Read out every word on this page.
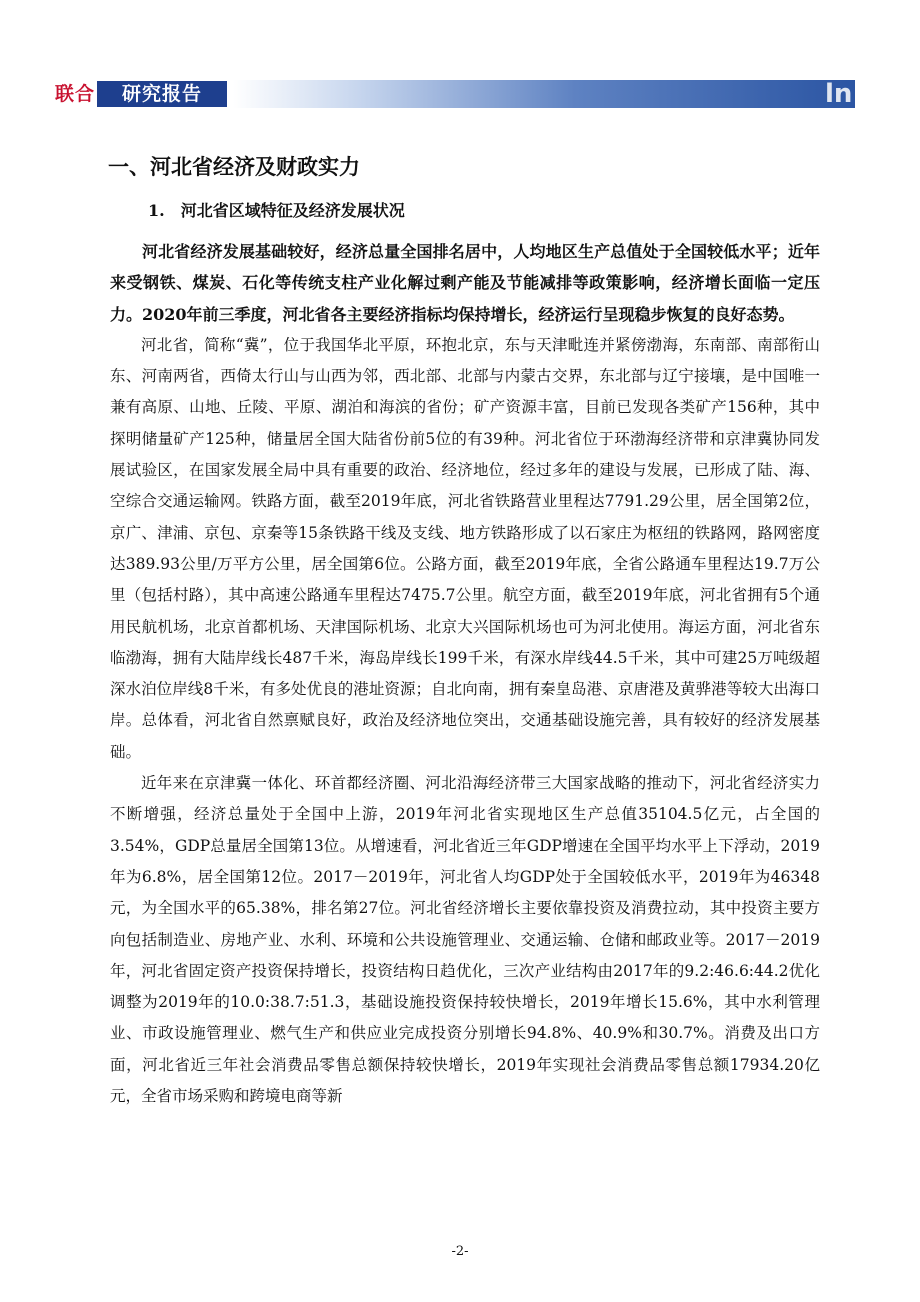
联合	研究报告	ln
一、河北省经济及财政实力
1. 河北省区域特征及经济发展状况

河北省经济发展基础较好，经济总量全国排名居中，人均地区生产总值处于全国较低水平；近年来受钢铁、煤炭、石化等传统支柱产业化解过剩产能及节能减排等政策影响，经济增长面临一定压力。2020年前三季度，河北省各主要经济指标均保持增长，经济运行呈现稳步恢复的良好态势。

河北省，简称“冀”，位于我国华北平原，环抱北京，东与天津毗连并紧傍渤海，东南部、南部衔山东、河南两省，西倚太行山与山西为邻，西北部、北部与内蒙古交界，东北部与辽宁接壤，是中国唯一兼有高原、山地、丘陵、平原、湖泊和海滨的省份；矿产资源丰富，目前已发现各类矿产156种，其中探明储量矿产125种，储量居全国大陆省份前5位的有39种。河北省位于环渤海经济带和京津冀协同发展试验区，在国家发展全局中具有重要的政治、经济地位，经过多年的建设与发展，已形成了陆、海、空综合交通运输网。铁路方面，截至2019年底，河北省铁路营业里程达7791.29公里，居全国第2位，京广、津浦、京包、京秦等15条铁路干线及支线、地方铁路形成了以石家庄为枢纽的铁路网，路网密度达389.93公里/万平方公里，居全国第6位。公路方面，截至2019年底，全省公路通车里程达19.7万公里（包括村路），其中高速公路通车里程达7475.7公里。航空方面，截至2019年底，河北省拥有5个通用民航机场，北京首都机场、天津国际机场、北京大兴国际机场也可为河北使用。海运方面，河北省东临渤海，拥有大陆岸线长487千米，海岛岸线长199千米，有深水岸线44.5千米，其中可建25万吨级超深水泊位岸线8千米，有多处优良的港址资源；自北向南，拥有秦皇岛港、京唐港及黄骅港等较大出海口岸。总体看，河北省自然禀赋良好，政治及经济地位突出，交通基础设施完善，具有较好的经济发展基础。

近年来在京津冀一体化、环首都经济圈、河北沿海经济带三大国家战略的推动下，河北省经济实力不断增强，经济总量处于全国中上游，2019年河北省实现地区生产总值35104.5亿元，占全国的3.54%，GDP总量居全国第13位。从增速看，河北省近三年GDP增速在全国平均水平上下浮动，2019年为6.8%，居全国第12位。2017－2019年，河北省人均GDP处于全国较低水平，2019年为46348元，为全国水平的65.38%，排名第27位。河北省经济增长主要依靠投资及消费拉动，其中投资主要方向包括制造业、房地产业、水利、环境和公共设施管理业、交通运输、仓储和邮政业等。2017－2019年，河北省固定资产投资保持增长，投资结构日趋优化，三次产业结构由2017年的9.2:46.6:44.2优化调整为2019年的10.0:38.7:51.3，基础设施投资保持较快增长，2019年增长15.6%，其中水利管理业、市政设施管理业、燃气生产和供应业完成投资分别增长94.8%、40.9%和30.7%。消费及出口方面，河北省近三年社会消费品零售总额保持较快增长，2019年实现社会消费品零售总额17934.20亿元，全省市场采购和跨境电商等新

-2-
